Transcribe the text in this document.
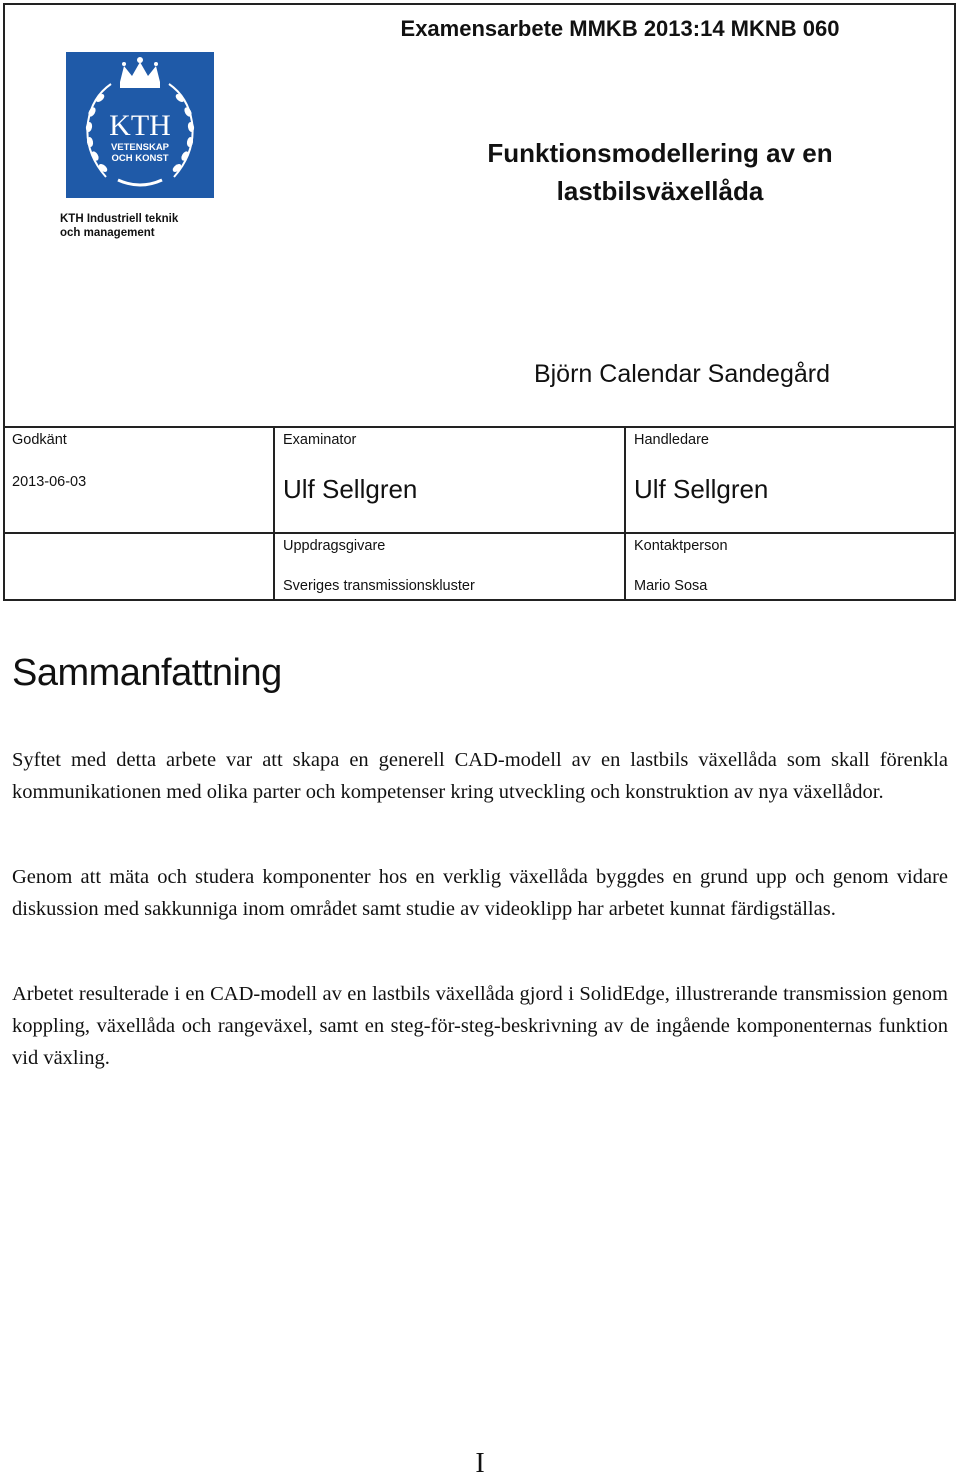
Examensarbete MMKB 2013:14 MKNB 060
KTH
VETENSKAP
OCH KONST
KTH Industriell teknik
och management
Funktionsmodellering av en
lastbilsväxellåda
Björn Calendar Sandegård
Godkänt
2013-06-03
Examinator
Ulf Sellgren
Handledare
Ulf Sellgren
Uppdragsgivare
Sveriges transmissionskluster
Kontaktperson
Mario Sosa
Sammanfattning
Syftet med detta arbete var att skapa en generell CAD-modell av en lastbils växellåda som skall förenkla kommunikationen med olika parter och kompetenser kring utveckling och konstruktion av nya växellådor.
Genom att mäta och studera komponenter hos en verklig växellåda byggdes en grund upp och genom vidare diskussion med sakkunniga inom området samt studie av videoklipp har arbetet kunnat färdigställas.
Arbetet resulterade i en CAD-modell av en lastbils växellåda gjord i SolidEdge, illustrerande transmission genom koppling, växellåda och rangeväxel, samt en steg-för-steg-beskrivning av de ingående komponenternas funktion vid växling.
I
